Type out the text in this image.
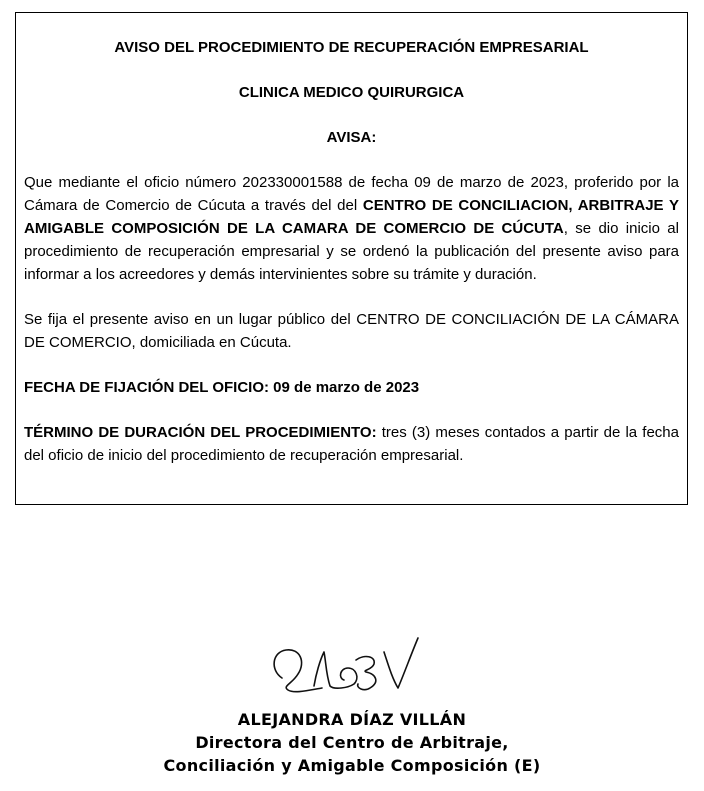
AVISO DEL PROCEDIMIENTO DE RECUPERACIÓN EMPRESARIAL
CLINICA MEDICO QUIRURGICA
AVISA:

Que mediante el oficio número 202330001588 de fecha 09 de marzo de 2023, proferido por la Cámara de Comercio de Cúcuta a través del del CENTRO DE CONCILIACION, ARBITRAJE Y AMIGABLE COMPOSICIÓN DE LA CAMARA DE COMERCIO DE CÚCUTA, se dio inicio al procedimiento de recuperación empresarial y se ordenó la publicación del presente aviso para informar a los acreedores y demás intervinientes sobre su trámite y duración.

Se fija el presente aviso en un lugar público del CENTRO DE CONCILIACIÓN DE LA CÁMARA DE COMERCIO, domiciliada en Cúcuta.

FECHA DE FIJACIÓN DEL OFICIO: 09 de marzo de 2023

TÉRMINO DE DURACIÓN DEL PROCEDIMIENTO: tres (3) meses contados a partir de la fecha del oficio de inicio del procedimiento de recuperación empresarial.

ALEJANDRA DÍAZ VILLÁN
Directora del Centro de Arbitraje,
Conciliación y Amigable Composición (E)
